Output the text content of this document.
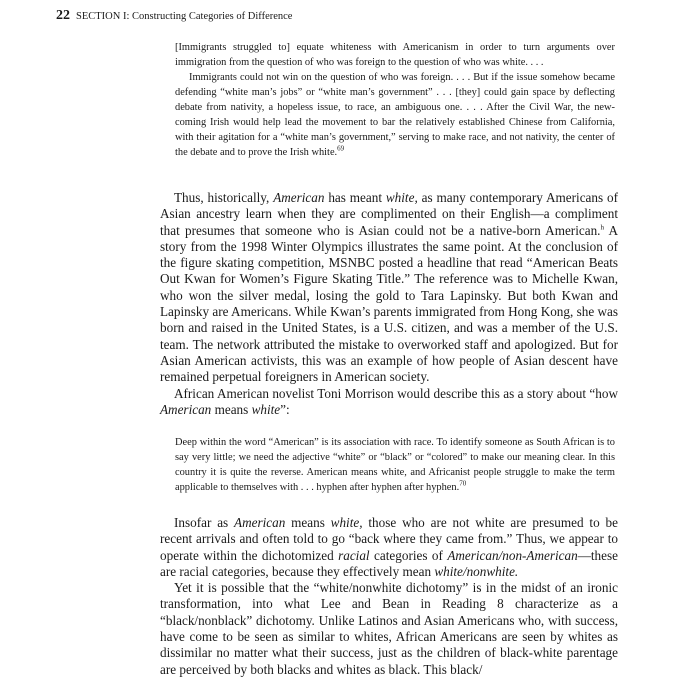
22 SECTION I: Constructing Categories of Difference

[Immigrants struggled to] equate whiteness with Americanism in order to turn arguments over immigration from the question of who was foreign to the question of who was white. . . .

Immigrants could not win on the question of who was foreign. . . . But if the issue somehow became defending “white man’s jobs” or “white man’s government” . . . [they] could gain space by deflecting debate from nativity, a hopeless issue, to race, an ambiguous one. . . . After the Civil War, the new-coming Irish would help lead the movement to bar the relatively established Chinese from California, with their agitation for a “white man’s government,” serving to make race, and not nativity, the center of the debate and to prove the Irish white.$^{69}$

Thus, historically, American has meant white, as many contemporary Americans of Asian ancestry learn when they are complimented on their English—a compliment that presumes that someone who is Asian could not be a native-born American.$^h$ A story from the 1998 Winter Olympics illustrates the same point. At the conclusion of the figure skating competition, MSNBC posted a headline that read “American Beats Out Kwan for Women’s Figure Skating Title.” The reference was to Michelle Kwan, who won the silver medal, losing the gold to Tara Lapinsky. But both Kwan and Lapinsky are Americans. While Kwan’s parents immigrated from Hong Kong, she was born and raised in the United States, is a U.S. citizen, and was a member of the U.S. team. The network attributed the mistake to overworked staff and apologized. But for Asian American activists, this was an example of how people of Asian descent have remained perpetual foreigners in American society.

African American novelist Toni Morrison would describe this as a story about “how American means white”:

Deep within the word “American” is its association with race. To identify someone as South African is to say very little; we need the adjective “white” or “black” or “colored” to make our meaning clear. In this country it is quite the reverse. American means white, and Africanist people struggle to make the term applicable to themselves with . . . hyphen after hyphen after hyphen.$^{70}$

Insofar as American means white, those who are not white are presumed to be recent arrivals and often told to go “back where they came from.” Thus, we appear to operate within the dichotomized racial categories of American/non-American—these are racial categories, because they effectively mean white/nonwhite.

Yet it is possible that the “white/nonwhite dichotomy” is in the midst of an ironic transformation, into what Lee and Bean in Reading 8 characterize as a “black/nonblack” dichotomy. Unlike Latinos and Asian Americans who, with success, have come to be seen as similar to whites, African Americans are seen by whites as dissimilar no matter what their success, just as the children of black-white parentage are perceived by both blacks and whites as black. This black/
